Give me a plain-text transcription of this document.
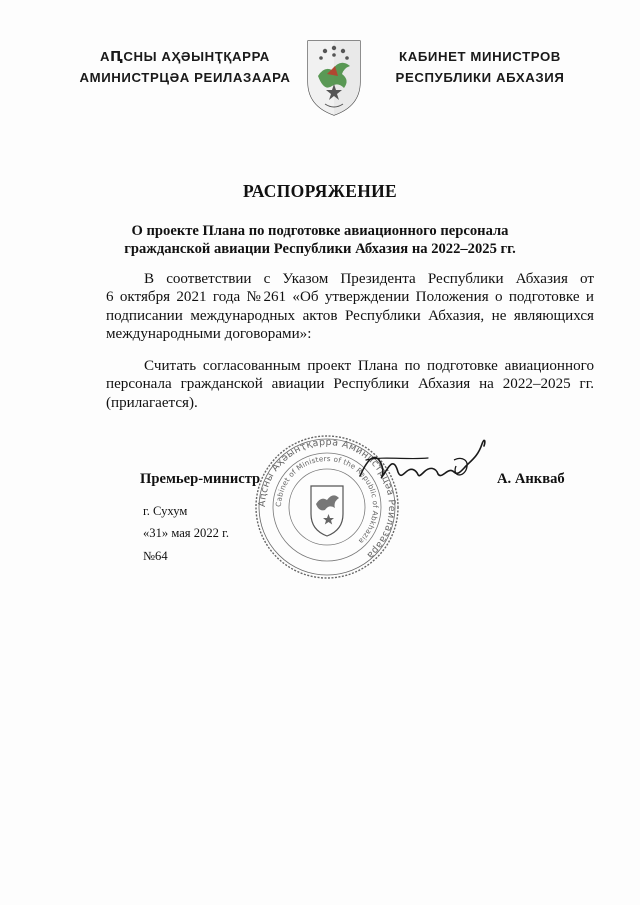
АԤСНЫ АҲӘЫНҬҚАРРА
АМИНИСТРЦӘА РЕИЛАЗААРА
КАБИНЕТ МИНИСТРОВ
РЕСПУБЛИКИ АБХАЗИЯ
РАСПОРЯЖЕНИЕ
О проекте Плана по подготовке авиационного персонала
гражданской авиации Республики Абхазия на 2022–2025 гг.
В соответствии с Указом Президента Республики Абхазия от
6 октября 2021 года №261 «Об утверждении Положения о подготовке и
подписании международных актов Республики Абхазия, не являющихся
международными договорами»:
Считать согласованным проект Плана по подготовке авиационного
персонала гражданской авиации Республики Абхазия на 2022–2025 гг.
(прилагается).
Премьер-министр	А. Анкваб
г. Сухум
«31» мая 2022 г.
№64
Аԥсны Аҳәынҭқарра Аминистрцәа Реилазаара
Cabinet of Ministers of the Republic of Abkhazia
